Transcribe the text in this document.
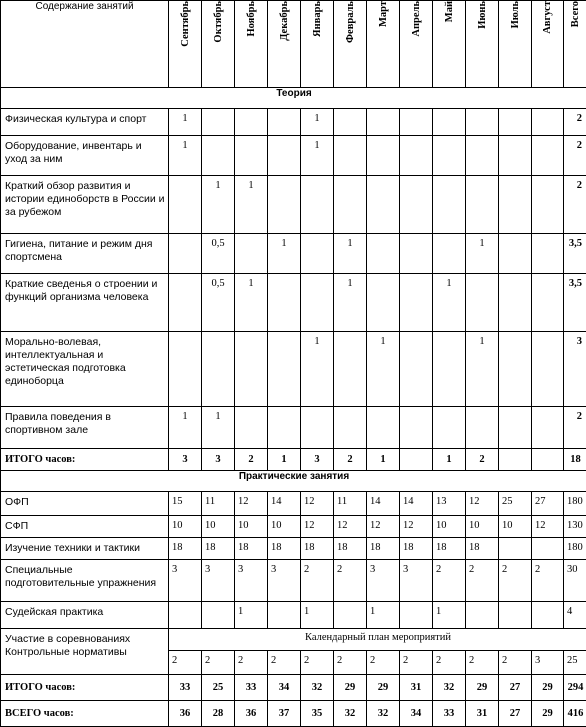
Содержание занятий	Сентябрь	Октябрь	Ноябрь	Декабрь	Январь	Февраль	Март	Апрель	Май	Июнь	Июль	Август	Всего
Теория													
Физическая культура и спорт	1				1								2
Оборудование, инвентарь и уход за ним	1				1								2
Краткий обзор развития и истории единоборств в России и за рубежом		1	1										2
Гигиена, питание и режим дня спортсмена		0,5		1		1				1			3,5
Краткие сведенья о строении и функций организма человека		0,5	1			1			1				3,5
Морально-волевая, интеллектуальная и эстетическая подготовка единоборца					1		1			1			3
Правила поведения в спортивном зале	1	1											2
ИТОГО часов:	3	3	2	1	3	2	1		1	2			18
Практические занятия													
ОФП	15	11	12	14	12	11	14	14	13	12	25	27	180
СФП	10	10	10	10	12	12	12	12	10	10	10	12	130
Изучение техники и тактики	18	18	18	18	18	18	18	18	18	18			180
Специальные подготовительные упражнения	3	3	3	3	2	2	3	3	2	2	2	2	30
Судейская практика			1		1		1		1				4

Участие в соревнованиях
Контрольные нормативы	Календарный план мероприятий												
	2	2	2	2	2	2	2	2	2	2	2	3	25
ИТОГО часов:	33	25	33	34	32	29	29	31	32	29	27	29	294
ВСЕГО часов:	36	28	36	37	35	32	32	34	33	31	27	29	416
